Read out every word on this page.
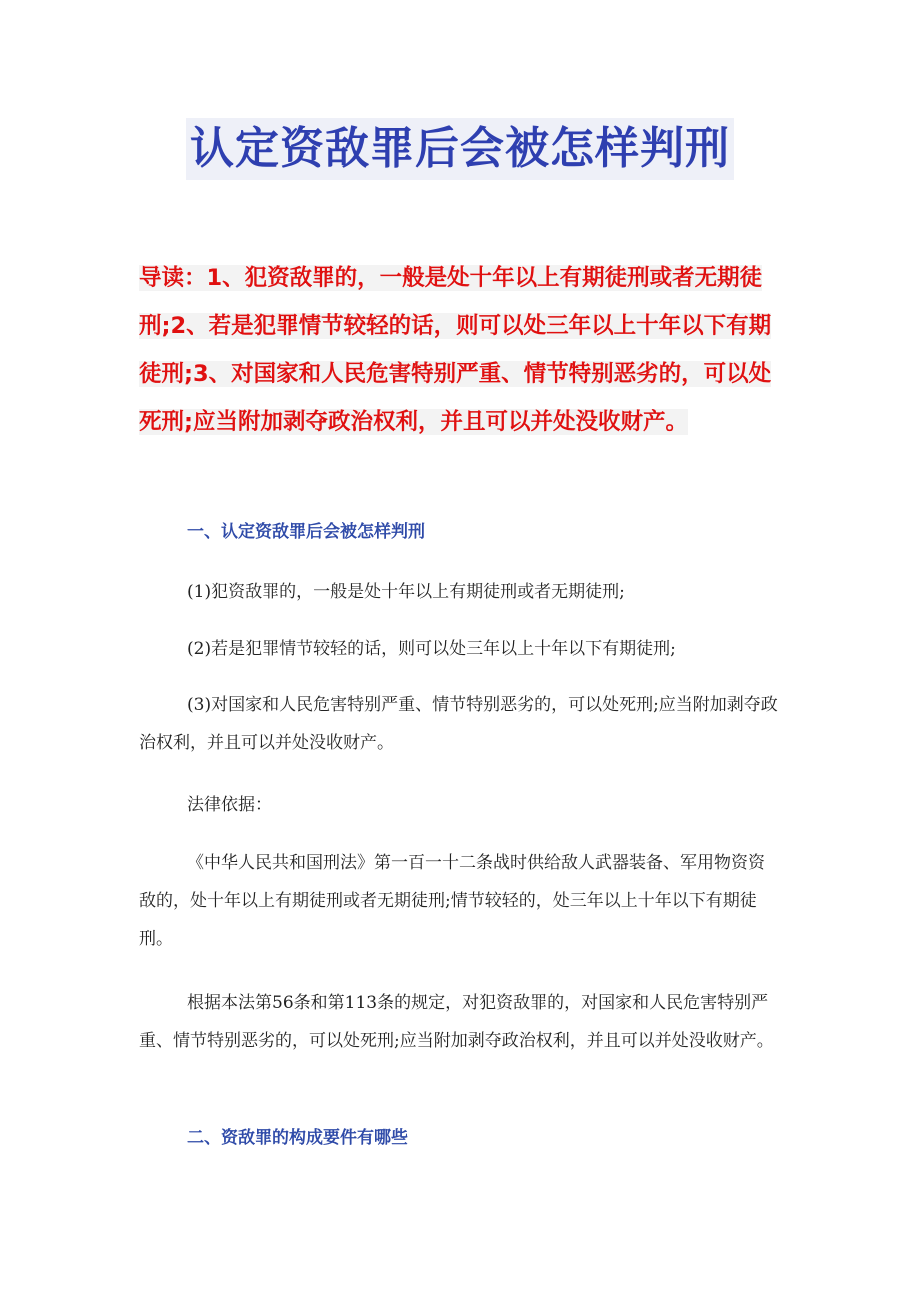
认定资敌罪后会被怎样判刑
导读：1、犯资敌罪的，一般是处十年以上有期徒刑或者无期徒刑;2、若是犯罪情节较轻的话，则可以处三年以上十年以下有期徒刑;3、对国家和人民危害特别严重、情节特别恶劣的，可以处死刑;应当附加剥夺政治权利，并且可以并处没收财产。
一、认定资敌罪后会被怎样判刑

(1)犯资敌罪的，一般是处十年以上有期徒刑或者无期徒刑;

(2)若是犯罪情节较轻的话，则可以处三年以上十年以下有期徒刑;

(3)对国家和人民危害特别严重、情节特别恶劣的，可以处死刑;应当附加剥夺政治权利，并且可以并处没收财产。

法律依据：

《中华人民共和国刑法》第一百一十二条战时供给敌人武器装备、军用物资资敌的，处十年以上有期徒刑或者无期徒刑;情节较轻的，处三年以上十年以下有期徒刑。

根据本法第56条和第113条的规定，对犯资敌罪的，对国家和人民危害特别严重、情节特别恶劣的，可以处死刑;应当附加剥夺政治权利，并且可以并处没收财产。

二、资敌罪的构成要件有哪些
